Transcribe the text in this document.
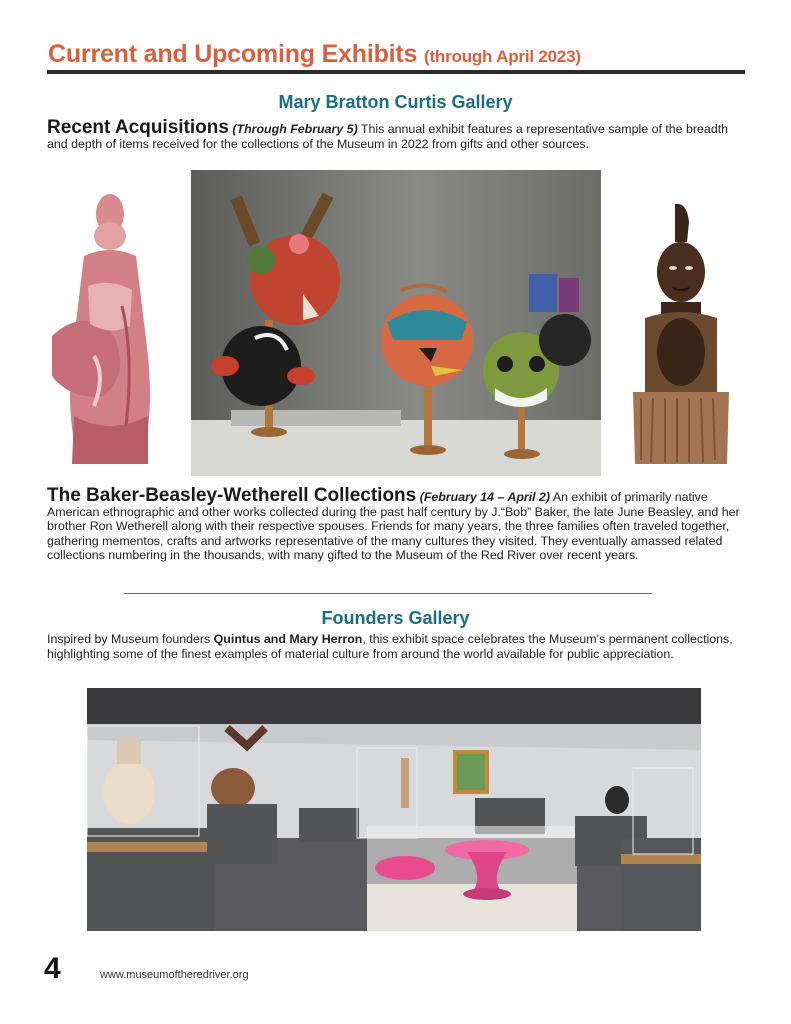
Current and Upcoming Exhibits (through April 2023)
Mary Bratton Curtis Gallery
Recent Acquisitions (Through February 5) This annual exhibit features a representative sample of the breadth and depth of items received for the collections of the Museum in 2022 from gifts and other sources.
The Baker-Beasley-Wetherell Collections (February 14 – April 2) An exhibit of primarily native American ethnographic and other works collected during the past half century by J.“Bob” Baker, the late June Beasley, and her brother Ron Wetherell along with their respective spouses. Friends for many years, the three families often traveled together, gathering mementos, crafts and artworks representative of the many cultures they visited. They eventually amassed related collections numbering in the thousands, with many gifted to the Museum of the Red River over recent years.
Founders Gallery
Inspired by Museum founders Quintus and Mary Herron, this exhibit space celebrates the Museum’s permanent collections, highlighting some of the finest examples of material culture from around the world available for public appreciation.
4	www.museumoftheredriver.org
